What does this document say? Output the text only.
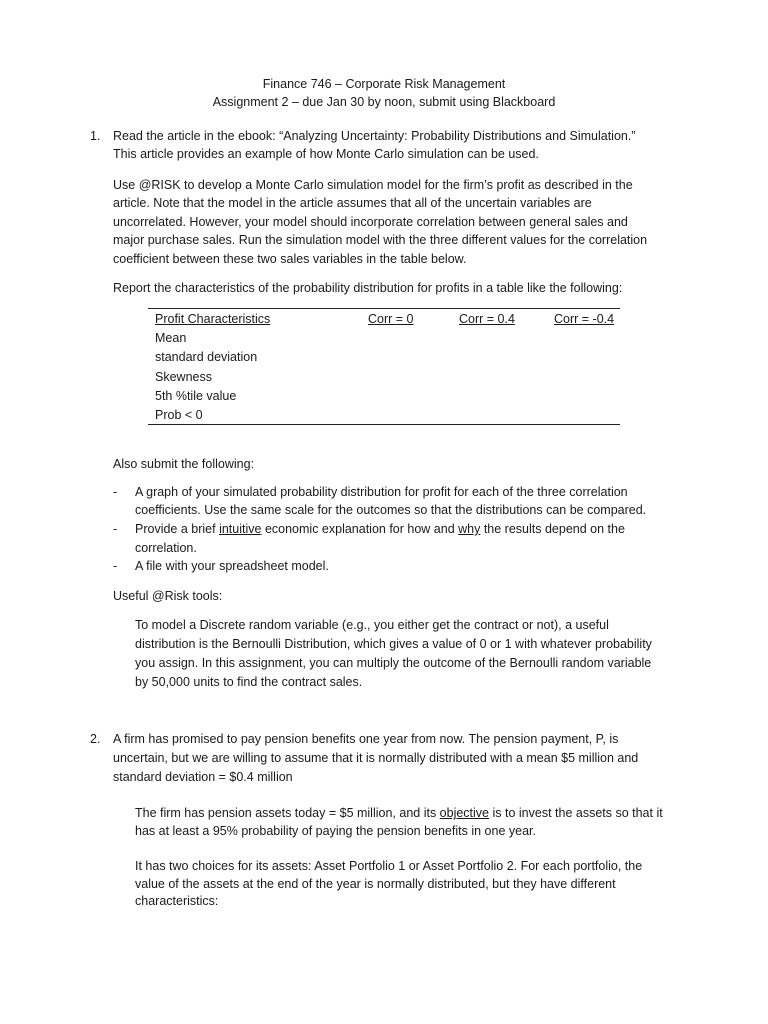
Finance 746 – Corporate Risk Management
Assignment 2 – due Jan 30 by noon, submit using Blackboard
1. Read the article in the ebook: “Analyzing Uncertainty: Probability Distributions and Simulation.”
This article provides an example of how Monte Carlo simulation can be used.
Use @RISK to develop a Monte Carlo simulation model for the firm’s profit as described in the
article. Note that the model in the article assumes that all of the uncertain variables are
uncorrelated. However, your model should incorporate correlation between general sales and
major purchase sales. Run the simulation model with the three different values for the correlation
coefficient between these two sales variables in the table below.
Report the characteristics of the probability distribution for profits in a table like the following:
Profit Characteristics	Corr = 0	Corr = 0.4	Corr = -0.4
Mean
standard deviation
Skewness
5th %tile value
Prob < 0
Also submit the following:
- A graph of your simulated probability distribution for profit for each of the three correlation
coefficients. Use the same scale for the outcomes so that the distributions can be compared.
- Provide a brief intuitive economic explanation for how and why the results depend on the
correlation.
- A file with your spreadsheet model.
Useful @Risk tools:
To model a Discrete random variable (e.g., you either get the contract or not), a useful
distribution is the Bernoulli Distribution, which gives a value of 0 or 1 with whatever probability
you assign. In this assignment, you can multiply the outcome of the Bernoulli random variable
by 50,000 units to find the contract sales.
2. A firm has promised to pay pension benefits one year from now. The pension payment, P, is
uncertain, but we are willing to assume that it is normally distributed with a mean $5 million and
standard deviation = $0.4 million
The firm has pension assets today = $5 million, and its objective is to invest the assets so that it
has at least a 95% probability of paying the pension benefits in one year.
It has two choices for its assets: Asset Portfolio 1 or Asset Portfolio 2. For each portfolio, the
value of the assets at the end of the year is normally distributed, but they have different
characteristics:
